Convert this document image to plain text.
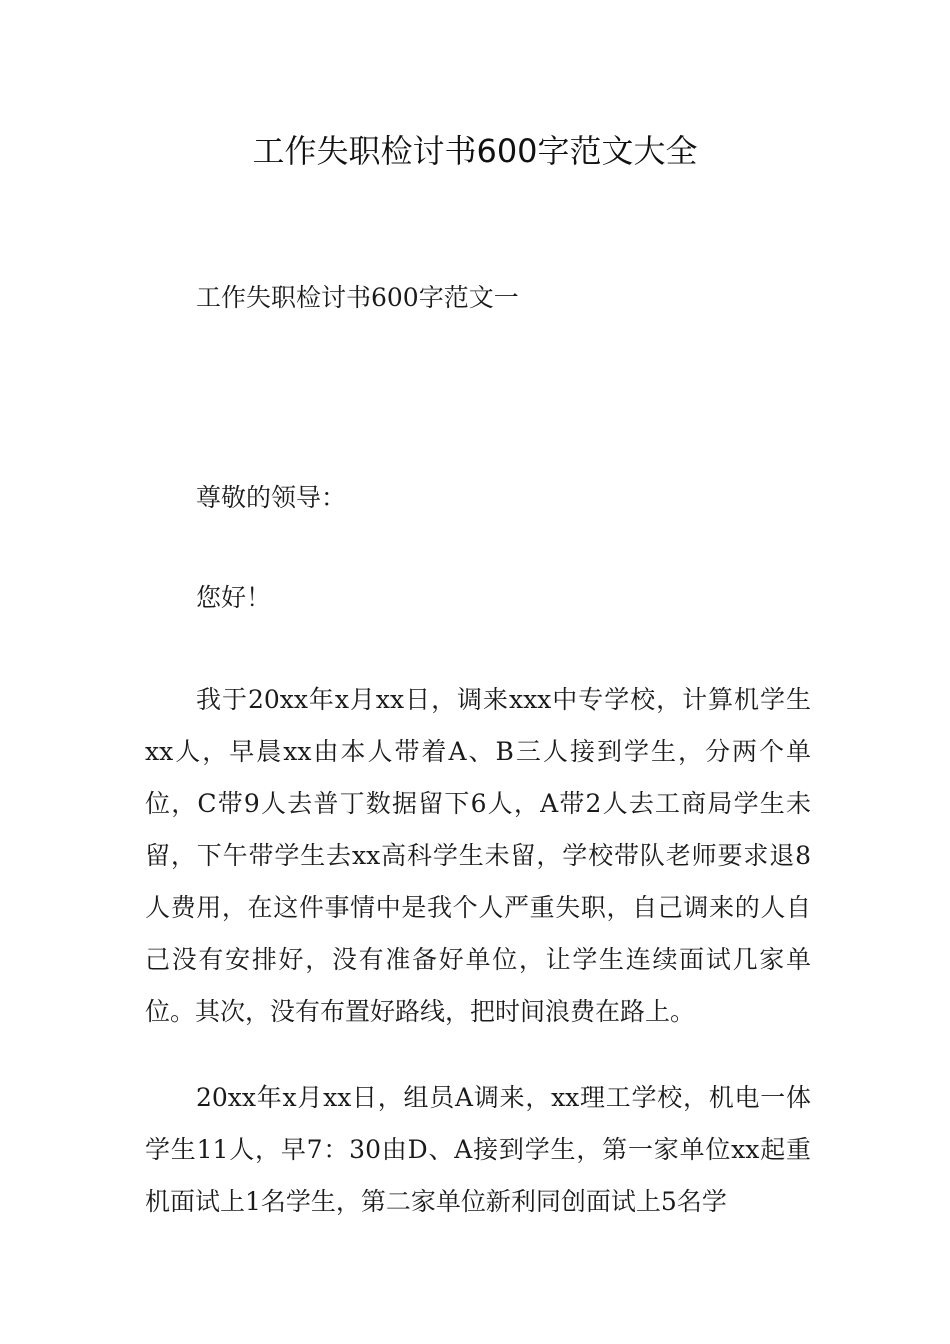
工作失职检讨书600字范文大全

工作失职检讨书600字范文一

尊敬的领导：

您好！

我于20xx年x月xx日，调来xxx中专学校，计算机学生xx人，早晨xx由本人带着A、B三人接到学生，分两个单位，C带9人去普丁数据留下6人，A带2人去工商局学生未留，下午带学生去xx高科学生未留，学校带队老师要求退8人费用，在这件事情中是我个人严重失职，自己调来的人自己没有安排好，没有准备好单位，让学生连续面试几家单位。其次，没有布置好路线，把时间浪费在路上。

20xx年x月xx日，组员A调来，xx理工学校，机电一体学生11人，早7：30由D、A接到学生，第一家单位xx起重机面试上1名学生，第二家单位新利同创面试上5名学
